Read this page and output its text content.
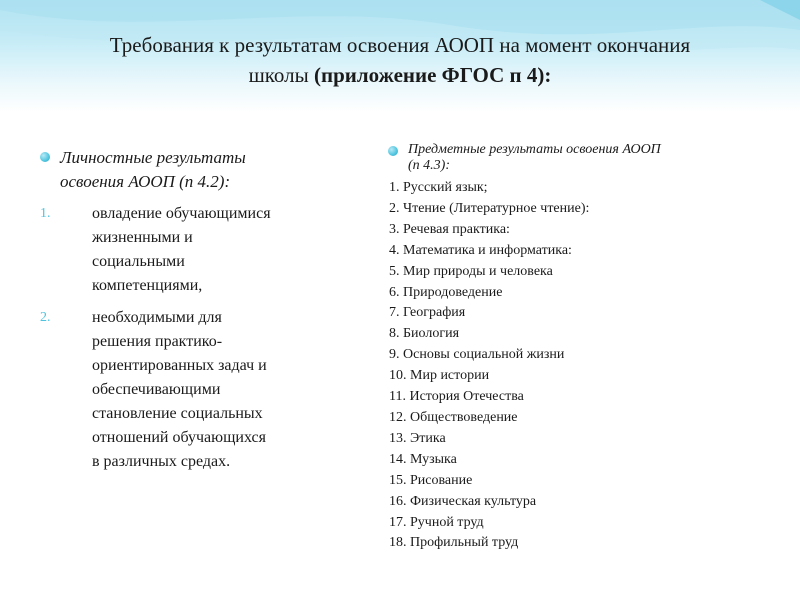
Требования к результатам освоения АООП на момент окончания
школы (приложение ФГОС п 4):
Личностные результаты
освоения АООП (п 4.2):
1.	овладение обучающимися
жизненными и
социальными
компетенциями,
2.	необходимыми для
решения практико-
ориентированных задач и
обеспечивающими
становление социальных
отношений обучающихся
в различных средах.
Предметные результаты освоения АООП
(п 4.3):
1. Русский язык;
2. Чтение (Литературное чтение):
3. Речевая практика:
4. Математика и информатика:
5. Мир природы и человека
6. Природоведение
7. География
8. Биология
9. Основы социальной жизни
10. Мир истории
11. История Отечества
12. Обществоведение
13. Этика
14. Музыка
15. Рисование
16. Физическая культура
17. Ручной труд
18. Профильный труд
